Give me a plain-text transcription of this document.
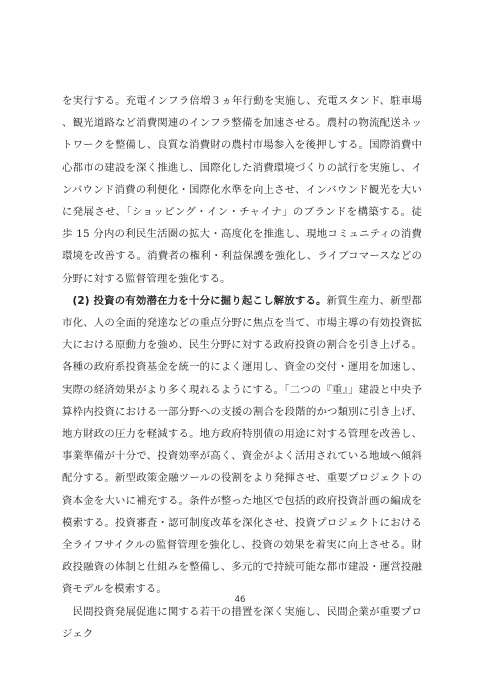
を実行する。充電インフラ倍増３ヵ年行動を実施し、充電スタンド、駐車場、観光道路など消費関連のインフラ整備を加速させる。農村の物流配送ネットワークを整備し、良質な消費財の農村市場参入を後押しする。国際消費中心都市の建設を深く推進し、国際化した消費環境づくりの試行を実施し、インバウンド消費の利便化・国際化水準を向上させ、インバウンド観光を大いに発展させ、「ショッピング・イン・チャイナ」のブランドを構築する。徒歩 15 分内の利民生活圏の拡大・高度化を推進し、現地コミュニティの消費環境を改善する。消費者の権利・利益保護を強化し、ライブコマースなどの分野に対する監督管理を強化する。

(2) 投資の有効潜在力を十分に掘り起こし解放する。新質生産力、新型都市化、人の全面的発達などの重点分野に焦点を当て、市場主導の有効投資拡大における原動力を強め、民生分野に対する政府投資の割合を引き上げる。各種の政府系投資基金を統一的によく運用し、資金の交付・運用を加速し、実際の経済効果がより多く現れるようにする。「二つの『重』」建設と中央予算枠内投資における一部分野への支援の割合を段階的かつ類別に引き上げ、地方財政の圧力を軽減する。地方政府特別債の用途に対する管理を改善し、事業準備が十分で、投資効率が高く、資金がよく活用されている地域へ傾斜配分する。新型政策金融ツールの役割をより発揮させ、重要プロジェクトの資本金を大いに補充する。条件が整った地区で包括的政府投資計画の編成を模索する。投資審査・認可制度改革を深化させ、投資プロジェクトにおける全ライフサイクルの監督管理を強化し、投資の効果を着実に向上させる。財政投融資の体制と仕組みを整備し、多元的で持続可能な都市建設・運営投融資モデルを模索する。

民間投資発展促進に関する若干の措置を深く実施し、民間企業が重要プロジェク

46
